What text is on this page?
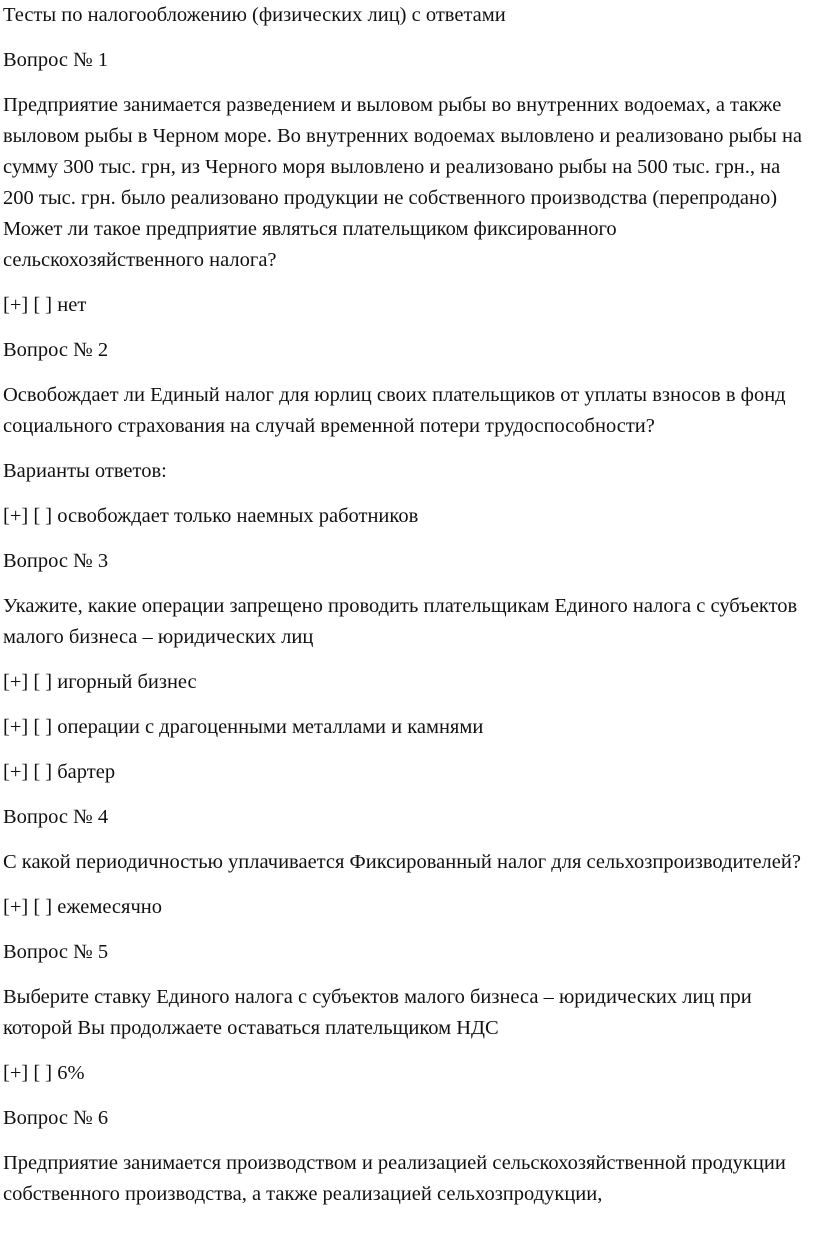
Тесты по налогообложению (физических лиц) с ответами

Вопрос № 1

Предприятие занимается разведением и выловом рыбы во внутренних водоемах, а также выловом рыбы в Черном море. Во внутренних водоемах выловлено и реализовано рыбы на сумму 300 тыс. грн, из Черного моря выловлено и реализовано рыбы на 500 тыс. грн., на 200 тыс. грн. было реализовано продукции не собственного производства (перепродано) Может ли такое предприятие являться плательщиком фиксированного сельскохозяйственного налога?

[+] [ ] нет

Вопрос № 2

Освобождает ли Единый налог для юрлиц своих плательщиков от уплаты взносов в фонд социального страхования на случай временной потери трудоспособности?

Варианты ответов:

[+] [ ] освобождает только наемных работников

Вопрос № 3

Укажите, какие операции запрещено проводить плательщикам Единого налога с субъектов малого бизнеса – юридических лиц

[+] [ ] игорный бизнес

[+] [ ] операции с драгоценными металлами и камнями

[+] [ ] бартер

Вопрос № 4

С какой периодичностью уплачивается Фиксированный налог для сельхозпроизводителей?

[+] [ ] ежемесячно

Вопрос № 5

Выберите ставку Единого налога с субъектов малого бизнеса – юридических лиц при которой Вы продолжаете оставаться плательщиком НДС

[+] [ ] 6%

Вопрос № 6

Предприятие занимается производством и реализацией сельскохозяйственной продукции собственного производства, а также реализацией сельхозпродукции,
